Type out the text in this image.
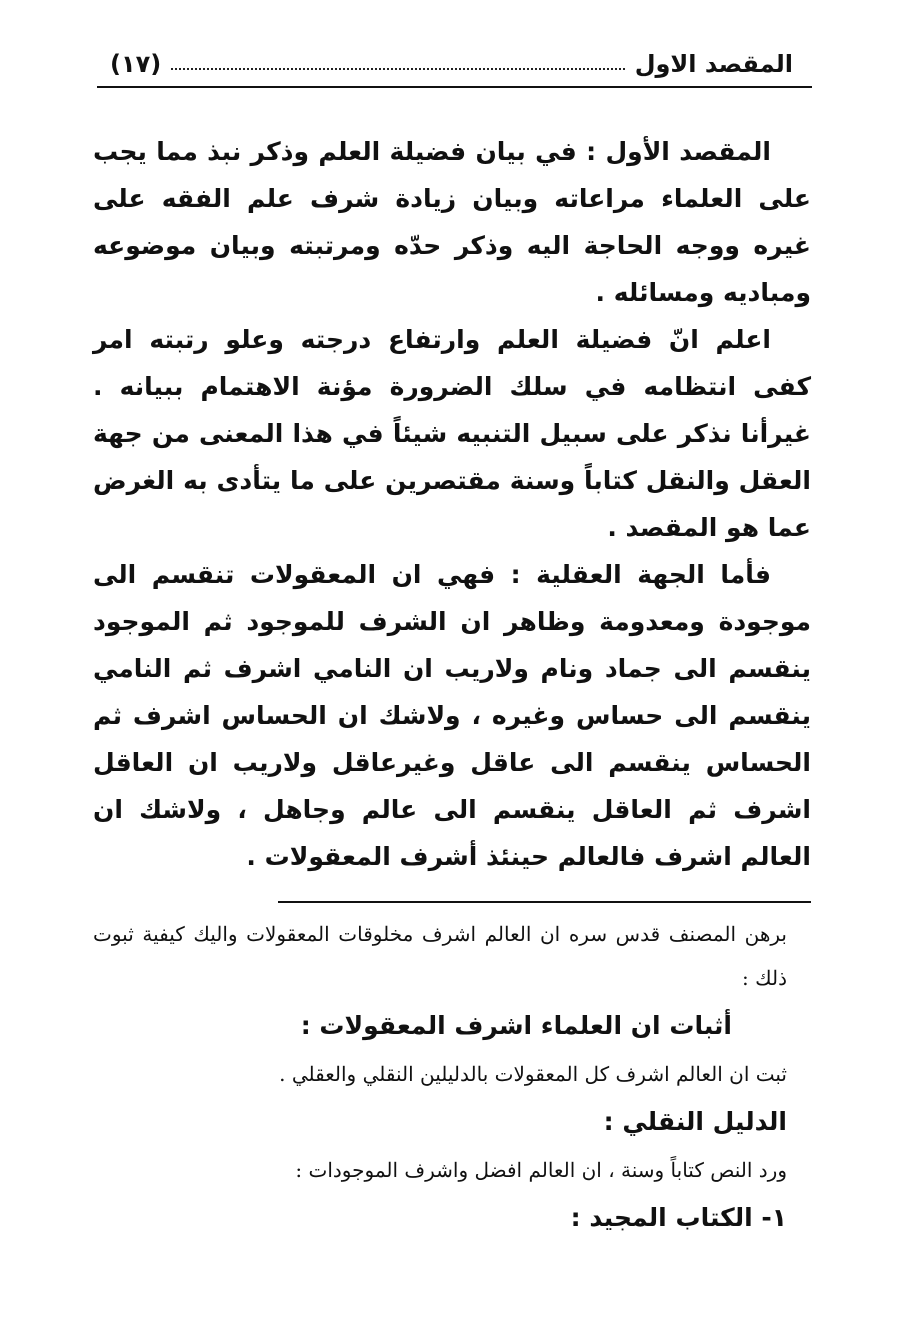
المقصد الاول
(١٧)

المقصد الأول : في بيان فضيلة العلم وذكر نبذ مما يجب على العلماء مراعاته وبيان زيادة شرف علم الفقه على غيره ووجه الحاجة اليه وذكر حدّه ومرتبته وبيان موضوعه ومباديه ومسائله .

اعلم انّ فضيلة العلم وارتفاع درجته وعلو رتبته امر كفى انتظامه في سلك الضرورة مؤنة الاهتمام ببيانه . غيرأنا نذكر على سبيل التنبيه شيئاً في هذا المعنى من جهة العقل والنقل كتاباً وسنة مقتصرين على ما يتأدى به الغرض عما هو المقصد .

فأما الجهة العقلية : فهي ان المعقولات تنقسم الى موجودة ومعدومة وظاهر ان الشرف للموجود ثم الموجود ينقسم الى جماد ونام ولاريب ان النامي اشرف ثم النامي ينقسم الى حساس وغيره ، ولاشك ان الحساس اشرف ثم الحساس ينقسم الى عاقل وغيرعاقل ولاريب ان العاقل اشرف ثم العاقل ينقسم الى عالم وجاهل ، ولاشك ان العالم اشرف فالعالم حينئذ أشرف المعقولات .

برهن المصنف قدس سره ان العالم اشرف مخلوقات المعقولات واليك كيفية ثبوت ذلك :

أثبات ان العلماء اشرف المعقولات :

ثبت ان العالم اشرف كل المعقولات بالدليلين النقلي والعقلي .

الدليل النقلي :

ورد النص كتاباً وسنة ، ان العالم افضل واشرف الموجودات :

١- الكتاب المجيد :
